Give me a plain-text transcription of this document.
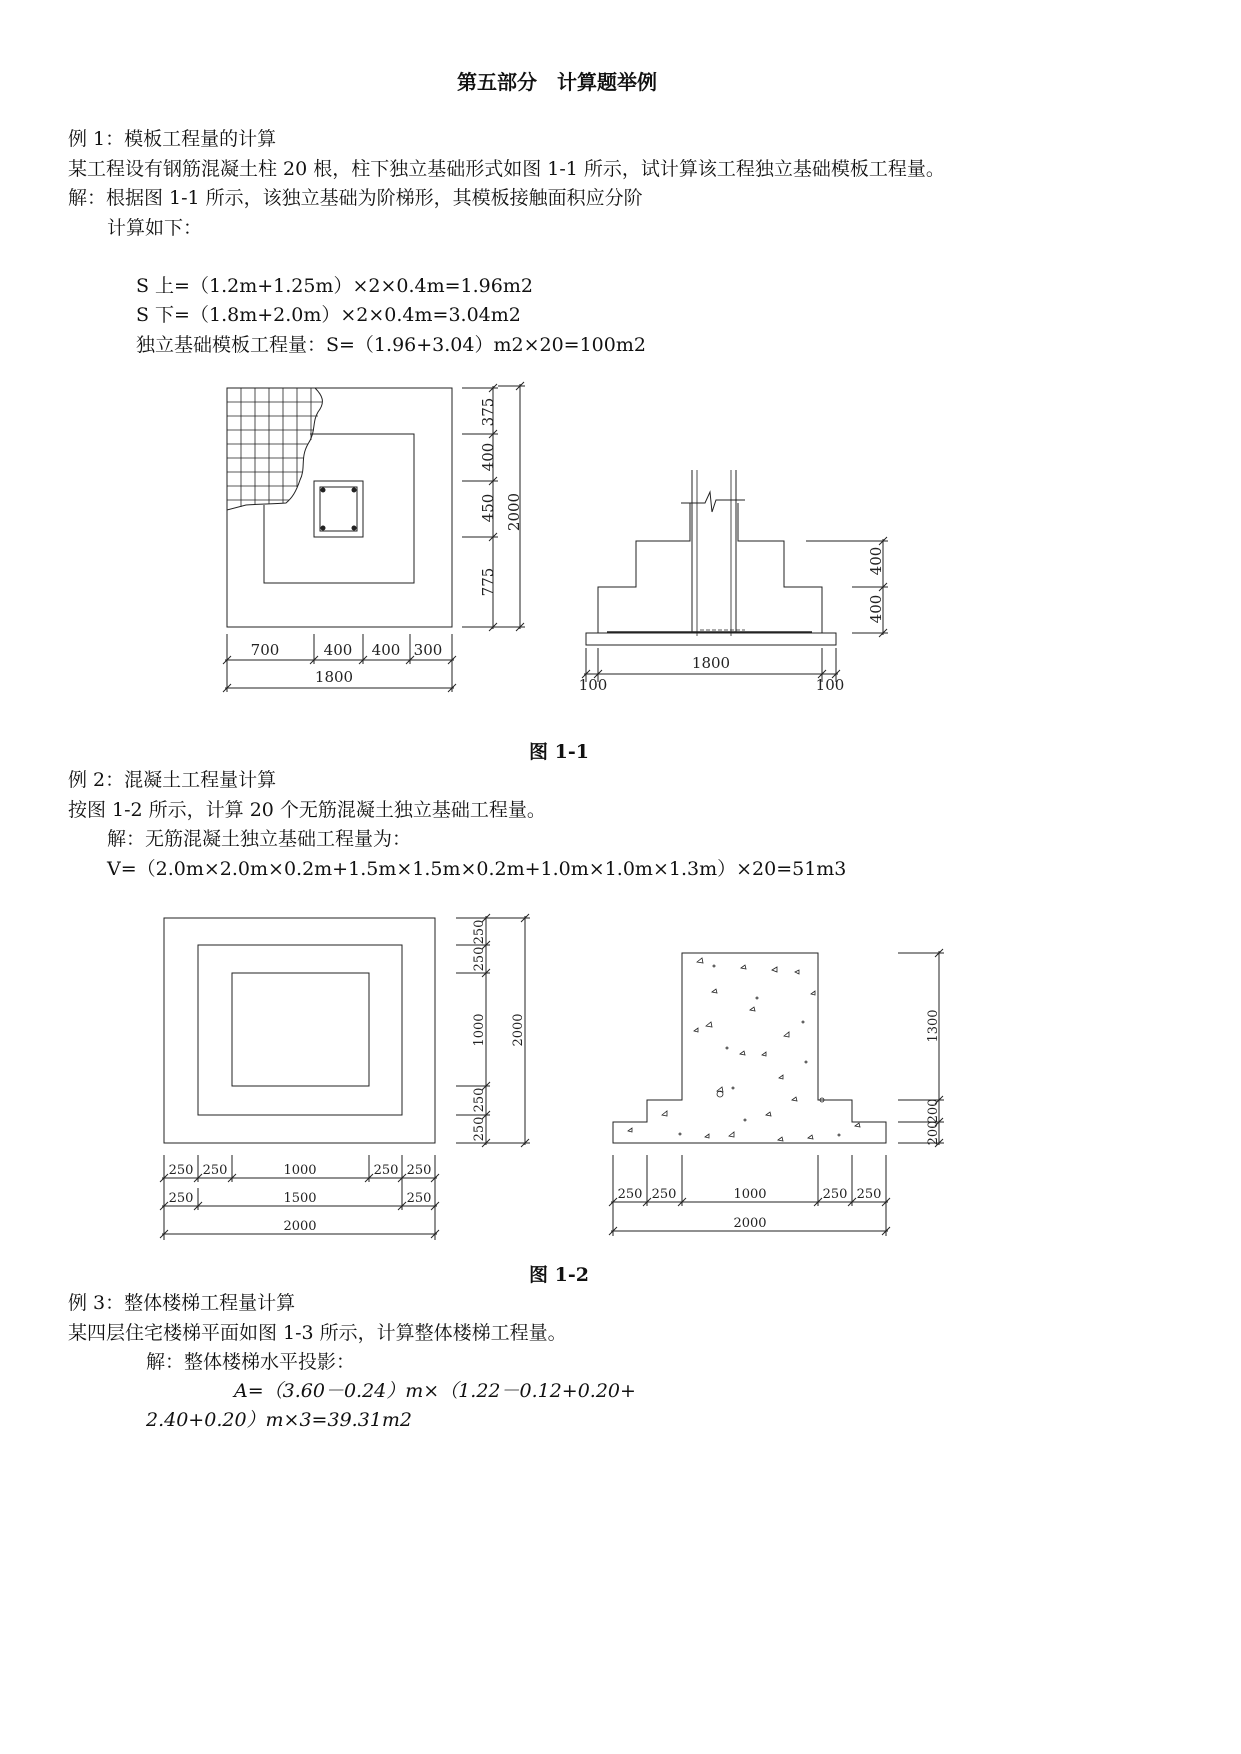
第五部分　计算题举例
例 1：模板工程量的计算
某工程设有钢筋混凝土柱 20 根，柱下独立基础形式如图 1-1 所示，试计算该工程独立基础模板工程量。
解：根据图 1-1 所示，该独立基础为阶梯形，其模板接触面积应分阶
计算如下：
S 上=（1.2m+1.25m）×2×0.4m=1.96m2
S 下=（1.8m+2.0m）×2×0.4m=3.04m2
独立基础模板工程量：S=（1.96+3.04）m2×20=100m2
375
400
450
775
2000
700	400 400 300
1800
400
400
1800
100	100
图 1-1
例 2：混凝土工程量计算
按图 1-2 所示，计算 20 个无筋混凝土独立基础工程量。
解：无筋混凝土独立基础工程量为：
V=（2.0m×2.0m×0.2m+1.5m×1.5m×0.2m+1.0m×1.0m×1.3m）×20=51m3
250
250
1000
250
250
2000
250 250	1000	250 250
250	1500	250
2000
1300
200
200
250 250	1000	250 250
2000
图 1-2
例 3：整体楼梯工程量计算
某四层住宅楼梯平面如图 1-3 所示，计算整体楼梯工程量。
解：整体楼梯水平投影：
A=（3.60－0.24）m×（1.22－0.12+0.20+
2.40+0.20）m×3=39.31m2
